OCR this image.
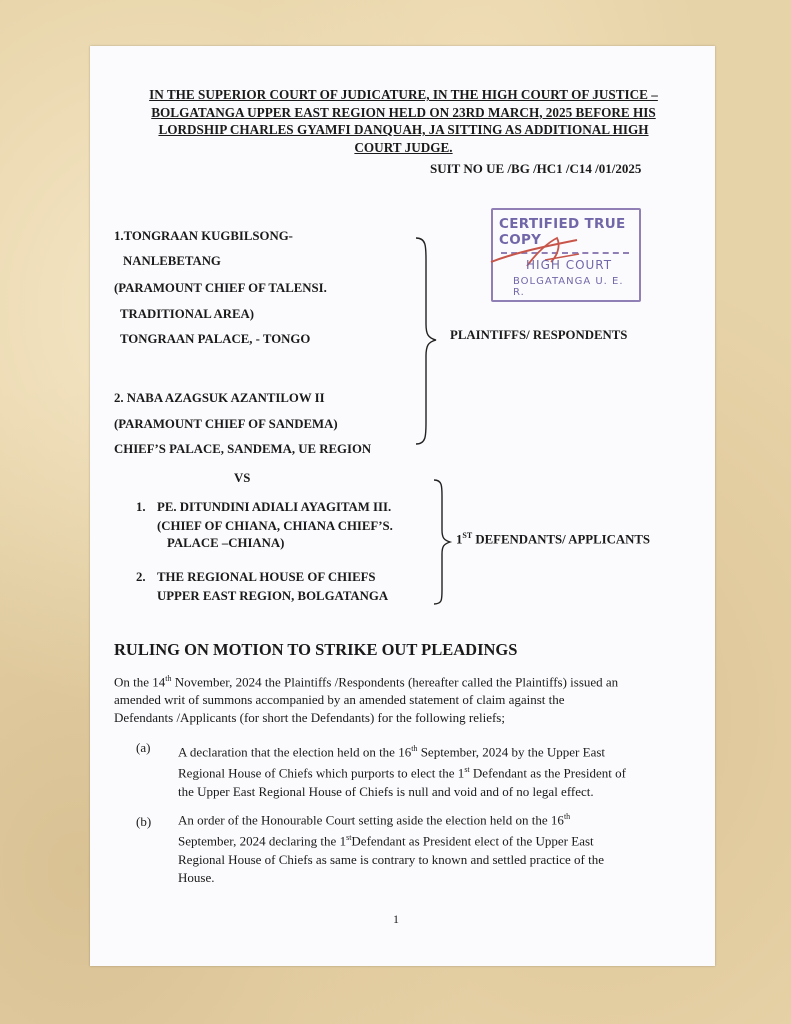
IN THE SUPERIOR COURT OF JUDICATURE, IN THE HIGH COURT OF JUSTICE –
BOLGATANGA UPPER EAST REGION HELD ON 23RD MARCH, 2025 BEFORE HIS
LORDSHIP CHARLES GYAMFI DANQUAH, JA SITTING AS ADDITIONAL HIGH
COURT JUDGE.
SUIT NO UE /BG /HC1 /C14 /01/2025
CERTIFIED TRUE COPY
HIGH COURT
BOLGATANGA U. E. R.
1.TONGRAAN KUGBILSONG-
NANLEBETANG
(PARAMOUNT CHIEF OF TALENSI.
TRADITIONAL AREA)
TONGRAAN PALACE, - TONGO
2. NABA AZAGSUK AZANTILOW II
(PARAMOUNT CHIEF OF SANDEMA)
CHIEF’S PALACE, SANDEMA, UE REGION
PLAINTIFFS/ RESPONDENTS
VS
1. PE. DITUNDINI ADIALI AYAGITAM III.
(CHIEF OF CHIANA, CHIANA CHIEF’S.
PALACE –CHIANA)
2. THE REGIONAL HOUSE OF CHIEFS
UPPER EAST REGION, BOLGATANGA
1ST DEFENDANTS/ APPLICANTS
RULING ON MOTION TO STRIKE OUT PLEADINGS
On the 14th November, 2024 the Plaintiffs /Respondents (hereafter called the Plaintiffs) issued an
amended writ of summons accompanied by an amended statement of claim against the
Defendants /Applicants (for short the Defendants) for the following reliefs;
(a) A declaration that the election held on the 16th September, 2024 by the Upper East
Regional House of Chiefs which purports to elect the 1st Defendant as the President of
the Upper East Regional House of Chiefs is null and void and of no legal effect.
(b) An order of the Honourable Court setting aside the election held on the 16th
September, 2024 declaring the 1stDefendant as President elect of the Upper East
Regional House of Chiefs as same is contrary to known and settled practice of the
House.
1
